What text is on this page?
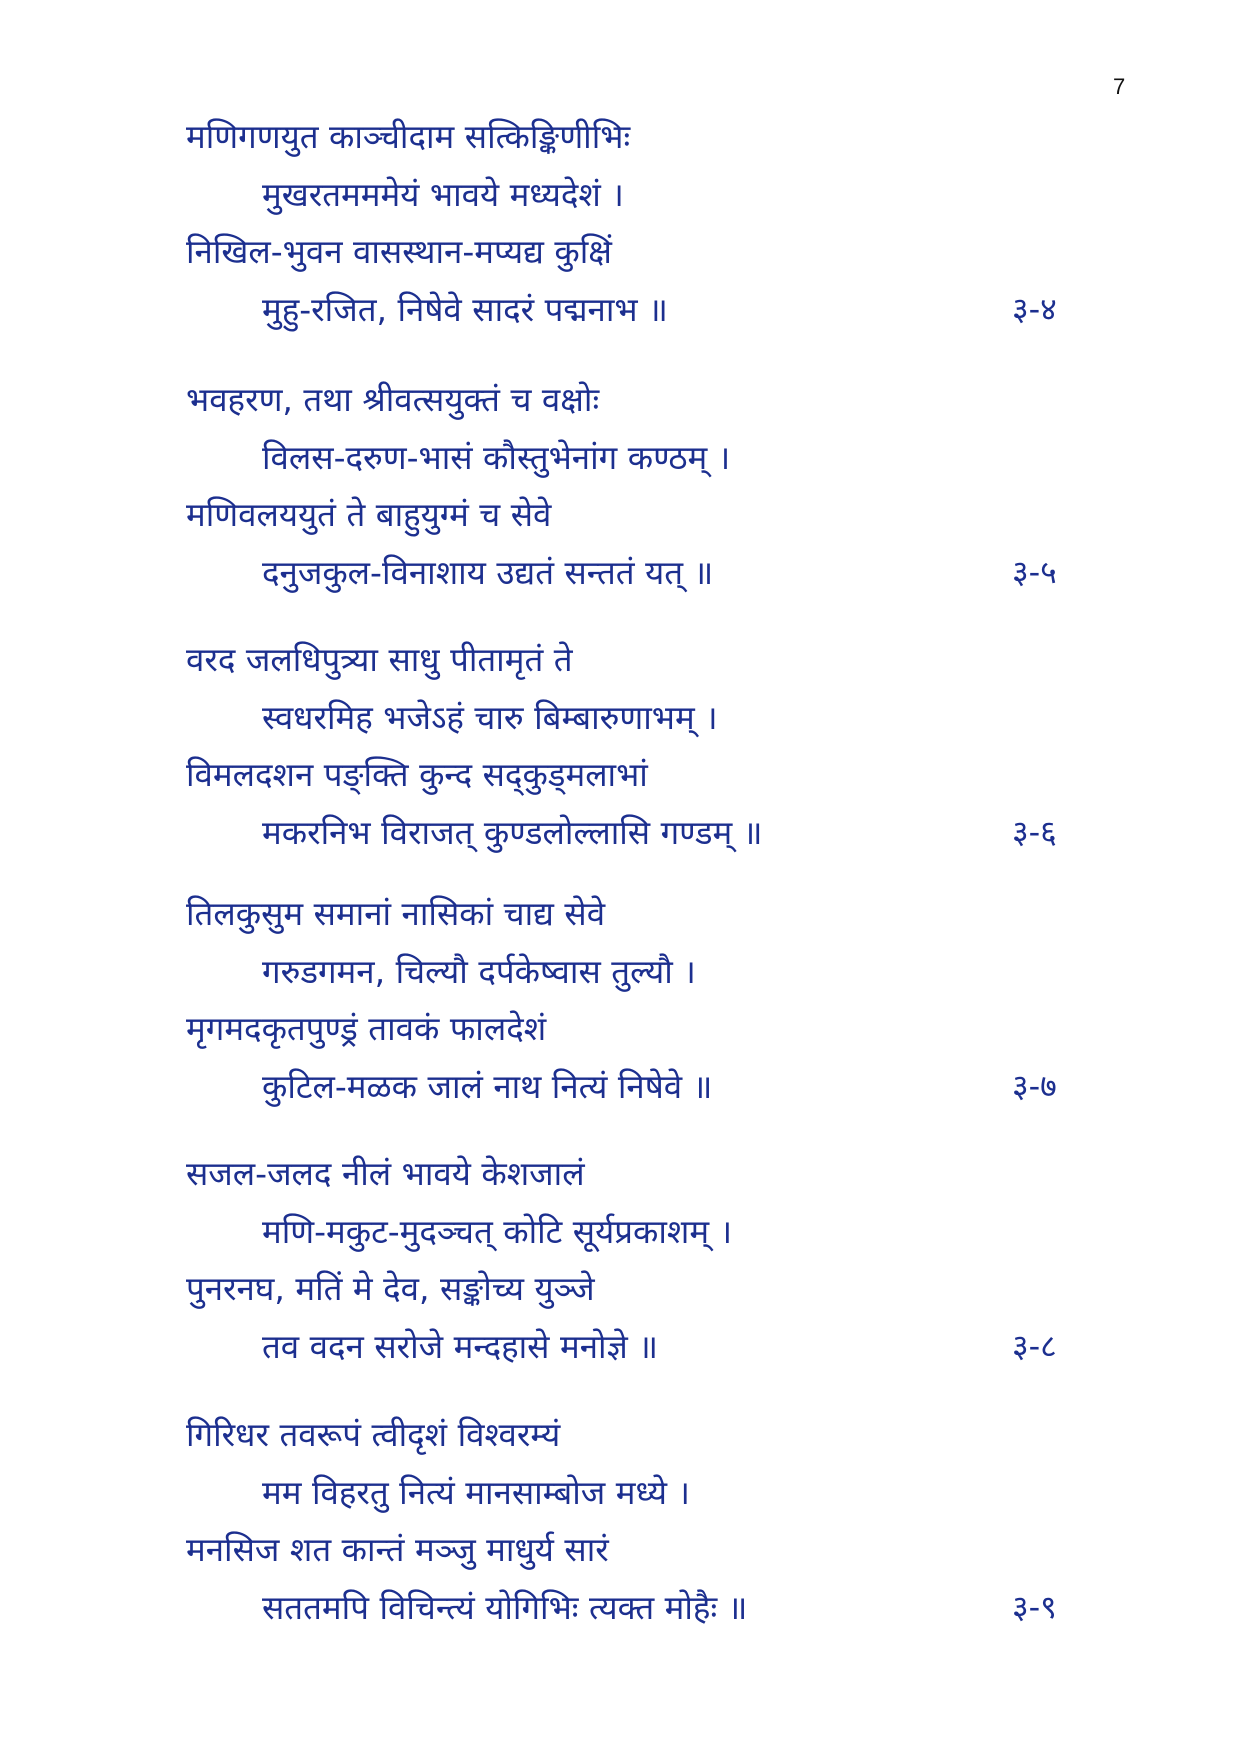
7
मणिगणयुत काञ्चीदाम सत्किङ्किणीभिः
मुखरतमममेयं भावये मध्यदेशं ।
निखिल-भुवन वासस्थान-मप्यद्य कुक्षिं
मुहु-रजित, निषेवे सादरं पद्मनाभ ॥	३-४
भवहरण, तथा श्रीवत्सयुक्तं च वक्षोः
विलस-दरुण-भासं कौस्तुभेनांग कण्ठम् ।
मणिवलययुतं ते बाहुयुग्मं च सेवे
दनुजकुल-विनाशाय उद्यतं सन्ततं यत् ॥	३-५
वरद जलधिपुत्र्या साधु पीतामृतं ते
स्वधरमिह भजेऽहं चारु बिम्बारुणाभम् ।
विमलदशन पङ्क्ति कुन्द सद्कुड्मलाभां
मकरनिभ विराजत् कुण्डलोल्लासि गण्डम् ॥	३-६
तिलकुसुम समानां नासिकां चाद्य सेवे
गरुडगमन, चिल्यौ दर्पकेष्वास तुल्यौ ।
मृगमदकृतपुण्ड्रं तावकं फालदेशं
कुटिल-मळक जालं नाथ नित्यं निषेवे ॥	३-७
सजल-जलद नीलं भावये केशजालं
मणि-मकुट-मुदञ्चत् कोटि सूर्यप्रकाशम् ।
पुनरनघ, मतिं मे देव, सङ्कोच्य युञ्जे
तव वदन सरोजे मन्दहासे मनोज्ञे ॥	३-८
गिरिधर तवरूपं त्वीदृशं विश्वरम्यं
मम विहरतु नित्यं मानसाम्बोज मध्ये ।
मनसिज शत कान्तं मञ्जु माधुर्य सारं
सततमपि विचिन्त्यं योगिभिः त्यक्त मोहैः ॥	३-९
